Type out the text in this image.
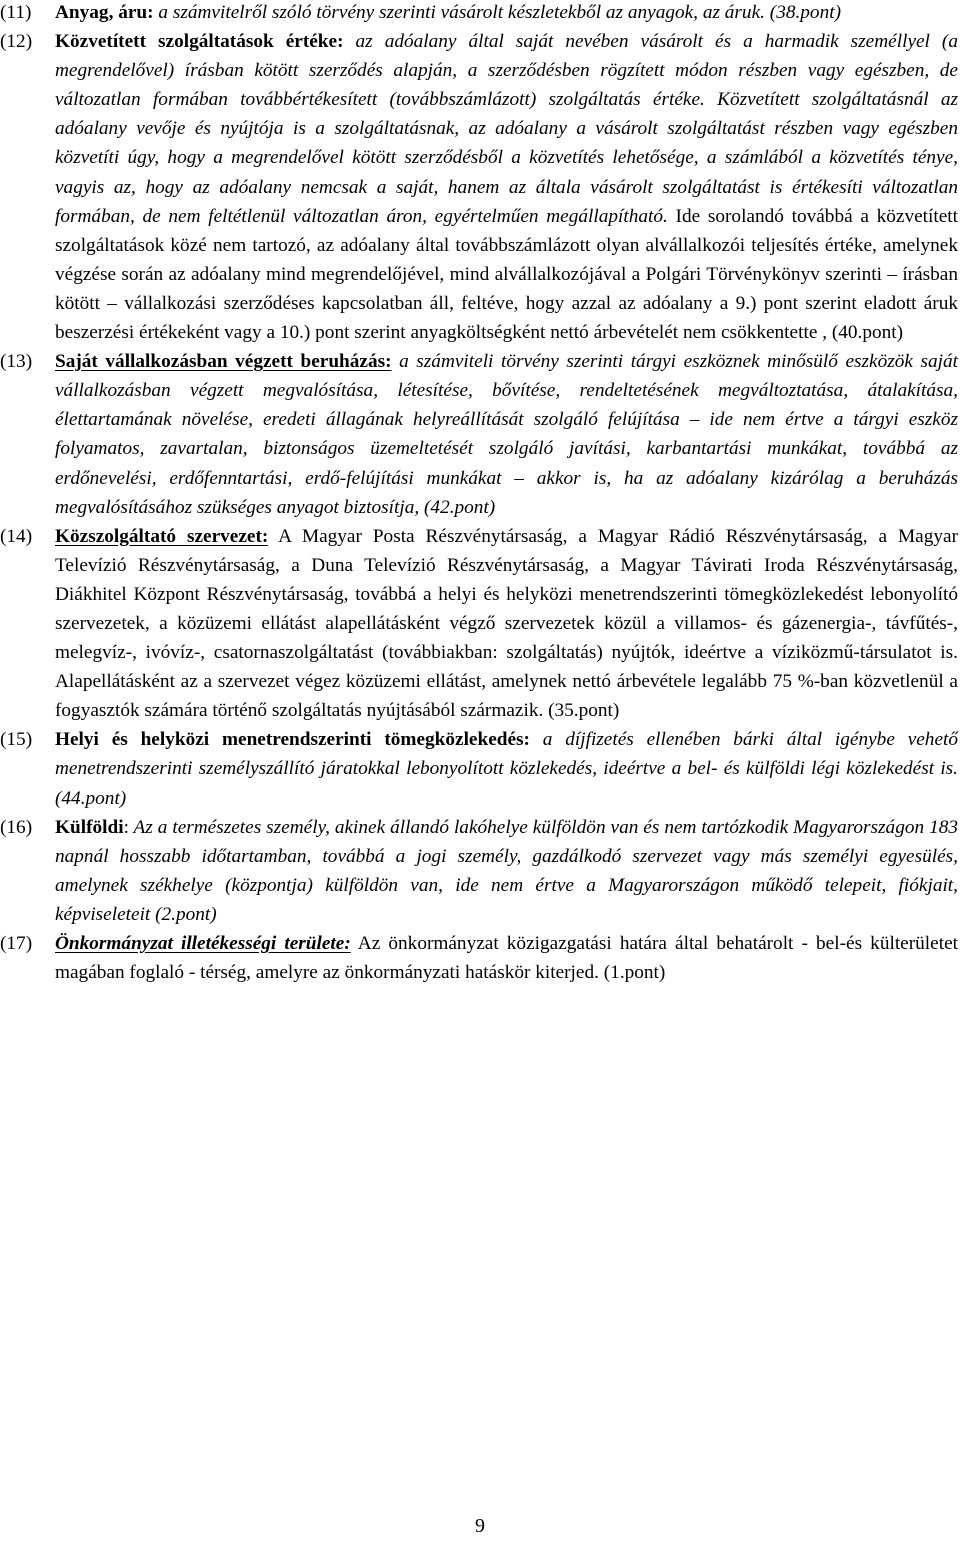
(11)	Anyag, áru: a számvitelről szóló törvény szerinti vásárolt készletekből az anyagok, az áruk. (38.pont)
(12)	Közvetített szolgáltatások értéke: az adóalany által saját nevében vásárolt és a harmadik személlyel (a megrendelővel) írásban kötött szerződés alapján, a szerződésben rögzített módon részben vagy egészben, de változatlan formában továbbértékesített (továbbszámlázott) szolgáltatás értéke. Közvetített szolgáltatásnál az adóalany vevője és nyújtója is a szolgáltatásnak, az adóalany a vásárolt szolgáltatást részben vagy egészben közvetíti úgy, hogy a megrendelővel kötött szerződésből a közvetítés lehetősége, a számlából a közvetítés ténye, vagyis az, hogy az adóalany nemcsak a saját, hanem az általa vásárolt szolgáltatást is értékesíti változatlan formában, de nem feltétlenül változatlan áron, egyértelműen megállapítható. Ide sorolandó továbbá a közvetített szolgáltatások közé nem tartozó, az adóalany által továbbszámlázott olyan alvállalkozói teljesítés értéke, amelynek végzése során az adóalany mind megrendelőjével, mind alvállalkozójával a Polgári Törvénykönyv szerinti – írásban kötött – vállalkozási szerződéses kapcsolatban áll, feltéve, hogy azzal az adóalany a 9.) pont szerint eladott áruk beszerzési értékeként vagy a 10.) pont szerint anyagköltségként nettó árbevételét nem csökkentette , (40.pont)
(13)	Saját vállalkozásban végzett beruházás: a számviteli törvény szerinti tárgyi eszköznek minősülő eszközök saját vállalkozásban végzett megvalósítása, létesítése, bővítése, rendeltetésének megváltoztatása, átalakítása, élettartamának növelése, eredeti állagának helyreállítását szolgáló felújítása – ide nem értve a tárgyi eszköz folyamatos, zavartalan, biztonságos üzemeltetését szolgáló javítási, karbantartási munkákat, továbbá az erdőnevelési, erdőfenntartási, erdő-felújítási munkákat – akkor is, ha az adóalany kizárólag a beruházás megvalósításához szükséges anyagot biztosítja, (42.pont)
(14)	Közszolgáltató szervezet: A Magyar Posta Részvénytársaság, a Magyar Rádió Részvénytársaság, a Magyar Televízió Részvénytársaság, a Duna Televízió Részvénytársaság, a Magyar Távirati Iroda Részvénytársaság, Diákhitel Központ Részvénytársaság, továbbá a helyi és helyközi menetrendszerinti tömegközlekedést lebonyolító szervezetek, a közüzemi ellátást alapellátásként végző szervezetek közül a villamos- és gázenergia-, távfűtés-, melegvíz-, ivóvíz-, csatornaszolgáltatást (továbbiakban: szolgáltatás) nyújtók, ideértve a víziközmű-társulatot is. Alapellátásként az a szervezet végez közüzemi ellátást, amelynek nettó árbevétele legalább 75 %-ban közvetlenül a fogyasztók számára történő szolgáltatás nyújtásából származik. (35.pont)
(15)	Helyi és helyközi menetrendszerinti tömegközlekedés: a díjfizetés ellenében bárki által igénybe vehető menetrendszerinti személyszállító járatokkal lebonyolított közlekedés, ideértve a bel- és külföldi légi közlekedést is. (44.pont)
(16)	Külföldi: Az a természetes személy, akinek állandó lakóhelye külföldön van és nem tartózkodik Magyarországon 183 napnál hosszabb időtartamban, továbbá a jogi személy, gazdálkodó szervezet vagy más személyi egyesülés, amelynek székhelye (központja) külföldön van, ide nem értve a Magyarországon működő telepeit, fiókjait, képviseleteit (2.pont)
(17)	Önkormányzat illetékességi területe: Az önkormányzat közigazgatási határa által behatárolt - bel-és külterületet magában foglaló - térség, amelyre az önkormányzati hatáskör kiterjed. (1.pont)
9
